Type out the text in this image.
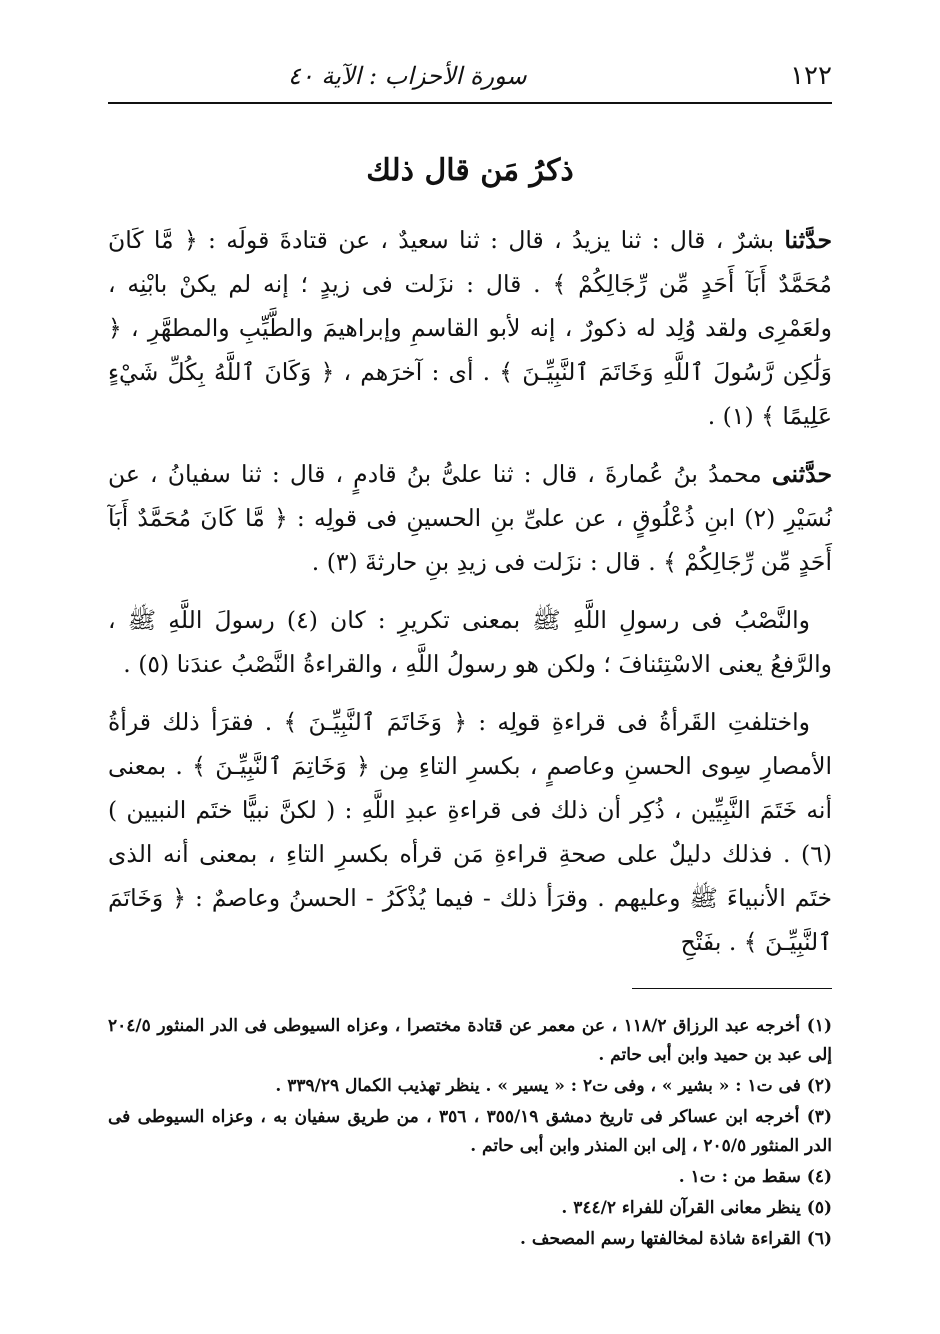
١٢٢
سورة الأحزاب : الآية ٤٠
ذكرُ مَن قال ذلك

حدَّثنا بشرٌ ، قال : ثنا يزيدُ ، قال : ثنا سعيدٌ ، عن قتادةَ قولَه : ﴿ مَّا كَانَ مُحَمَّدٌ أَبَآ أَحَدٍ مِّن رِّجَالِكُمْ ﴾ . قال : نزَلت فى زيدٍ ؛ إنه لم يكنْ بابْنِه ، ولعَمْرِى ولقد وُلِد له ذكورٌ ، إنه لأبو القاسمِ وإبراهيمَ والطَّيِّبِ والمطهَّرِ ، ﴿ وَلَٰكِن رَّسُولَ ٱللَّهِ وَخَاتَمَ ٱلنَّبِيِّـنَ ﴾ . أى : آخرَهم ، ﴿ وَكَانَ ٱللَّهُ بِكُلِّ شَيْءٍ عَلِيمًا ﴾ (١) .

حدَّثنى محمدُ بنُ عُمارةَ ، قال : ثنا علىُّ بنُ قادمٍ ، قال : ثنا سفيانُ ، عن نُسَيْرِ (٢) ابنِ ذُعْلُوقٍ ، عن علىِّ بنِ الحسينِ فى قولِه : ﴿ مَّا كَانَ مُحَمَّدٌ أَبَآ أَحَدٍ مِّن رِّجَالِكُمْ ﴾ . قال : نزَلت فى زيدِ بنِ حارثةَ (٣) .

والنَّصْبُ فى رسولِ اللَّهِ ﷺ بمعنى تكريرِ : كان (٤) رسولَ اللَّهِ ﷺ ، والرَّفعُ يعنى الاسْتِئنافَ ؛ ولكن هو رسولُ اللَّهِ ، والقراءةُ النَّصْبُ عندَنا (٥) .

واختلفتِ القَرأةُ فى قراءةِ قولِه : ﴿ وَخَاتَمَ ٱلنَّبِيِّـنَ ﴾ . فقرَأ ذلك قرأةُ الأمصارِ سِوى الحسنِ وعاصمٍ ، بكسرِ التاءِ مِن ﴿ وَخَاتِمَ ٱلنَّبِيِّـنَ ﴾ . بمعنى أنه خَتَمَ النَّبِيِّين ، ذُكِر أن ذلك فى قراءةِ عبدِ اللَّهِ : ( لكنَّ نبيًّا ختَم النبيين ) (٦) . فذلك دليلٌ على صحةِ قراءةِ مَن قرأه بكسرِ التاءِ ، بمعنى أنه الذى ختَم الأنبياءَ ﷺ وعليهم . وقرَأ ذلك - فيما يُذْكَرُ - الحسنُ وعاصمٌ : ﴿ وَخَاتَمَ ٱلنَّبِيِّـنَ ﴾ . بفَتْحِ

(١) أخرجه عبد الرزاق ١١٨/٢ ، عن معمر عن قتادة مختصرا ، وعزاه السيوطى فى الدر المنثور ٢٠٤/٥ إلى عبد بن حميد وابن أبى حاتم .

(٢) فى ت١ : « بشير » ، وفى ت٢ : « يسير » . ينظر تهذيب الكمال ٣٣٩/٢٩ .

(٣) أخرجه ابن عساكر فى تاريخ دمشق ٣٥٥/١٩ ، ٣٥٦ ، من طريق سفيان به ، وعزاه السيوطى فى الدر المنثور ٢٠٥/٥ ، إلى ابن المنذر وابن أبى حاتم .

(٤) سقط من : ت١ .

(٥) ينظر معانى القرآن للفراء ٣٤٤/٢ .

(٦) القراءة شاذة لمخالفتها رسم المصحف .
